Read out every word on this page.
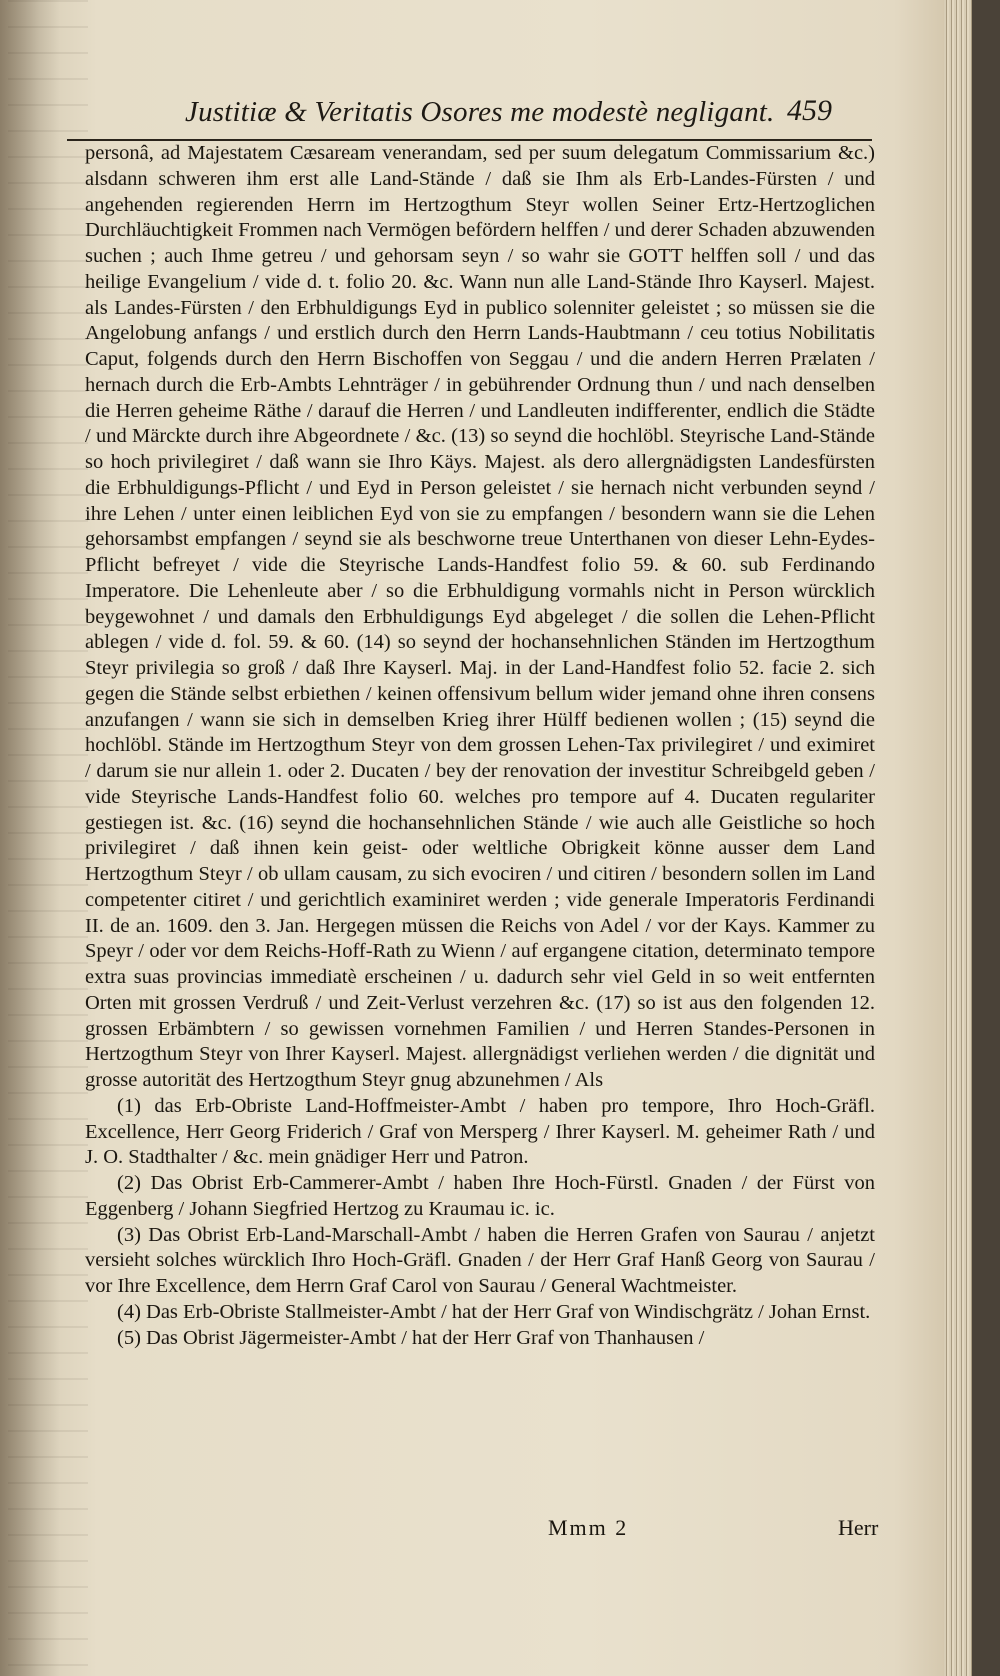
Justitiæ & Veritatis Osores me modestè negligant. 459

personâ, ad Majestatem Cæsaream venerandam, sed per suum delegatum Commissarium &c.) alsdann schweren ihm erst alle Land-Stände / daß sie Ihm als Erb-Landes-Fürsten / und angehenden regierenden Herrn im Hertzogthum Steyr wollen Seiner Ertz-Hertzoglichen Durchläuchtigkeit Frommen nach Vermögen befördern helffen / und derer Schaden abzuwenden suchen ; auch Ihme getreu / und gehorsam seyn / so wahr sie GOTT helffen soll / und das heilige Evangelium / vide d. t. folio 20. &c. Wann nun alle Land-Stände Ihro Kayserl. Majest. als Landes-Fürsten / den Erbhuldigungs Eyd in publico solenniter geleistet ; so müssen sie die Angelobung anfangs / und erstlich durch den Herrn Lands-Haubtmann / ceu totius Nobilitatis Caput, folgends durch den Herrn Bischoffen von Seggau / und die andern Herren Prælaten / hernach durch die Erb-Ambts Lehnträger / in gebührender Ordnung thun / und nach denselben die Herren geheime Räthe / darauf die Herren / und Landleuten indifferenter, endlich die Städte / und Märckte durch ihre Abgeordnete / &c. (13) so seynd die hochlöbl. Steyrische Land-Stände so hoch privilegiret / daß wann sie Ihro Käys. Majest. als dero allergnädigsten Landesfürsten die Erbhuldigungs-Pflicht / und Eyd in Person geleistet / sie hernach nicht verbunden seynd / ihre Lehen / unter einen leiblichen Eyd von sie zu empfangen / besondern wann sie die Lehen gehorsambst empfangen / seynd sie als beschworne treue Unterthanen von dieser Lehn-Eydes-Pflicht befreyet / vide die Steyrische Lands-Handfest folio 59. & 60. sub Ferdinando Imperatore. Die Lehenleute aber / so die Erbhuldigung vormahls nicht in Person würcklich beygewohnet / und damals den Erbhuldigungs Eyd abgeleget / die sollen die Lehen-Pflicht ablegen / vide d. fol. 59. & 60. (14) so seynd der hochansehnlichen Ständen im Hertzogthum Steyr privilegia so groß / daß Ihre Kayserl. Maj. in der Land-Handfest folio 52. facie 2. sich gegen die Stände selbst erbiethen / keinen offensivum bellum wider jemand ohne ihren consens anzufangen / wann sie sich in demselben Krieg ihrer Hülff bedienen wollen ; (15) seynd die hochlöbl. Stände im Hertzogthum Steyr von dem grossen Lehen-Tax privilegiret / und eximiret / darum sie nur allein 1. oder 2. Ducaten / bey der renovation der investitur Schreibgeld geben / vide Steyrische Lands-Handfest folio 60. welches pro tempore auf 4. Ducaten regulariter gestiegen ist. &c. (16) seynd die hochansehnlichen Stände / wie auch alle Geistliche so hoch privilegiret / daß ihnen kein geist- oder weltliche Obrigkeit könne ausser dem Land Hertzogthum Steyr / ob ullam causam, zu sich evociren / und citiren / besondern sollen im Land competenter citiret / und gerichtlich examiniret werden ; vide generale Imperatoris Ferdinandi II. de an. 1609. den 3. Jan. Hergegen müssen die Reichs von Adel / vor der Kays. Kammer zu Speyr / oder vor dem Reichs-Hoff-Rath zu Wienn / auf ergangene citation, determinato tempore extra suas provincias immediatè erscheinen / u. dadurch sehr viel Geld in so weit entfernten Orten mit grossen Verdruß / und Zeit-Verlust verzehren &c. (17) so ist aus den folgenden 12. grossen Erbämbtern / so gewissen vornehmen Familien / und Herren Standes-Personen in Hertzogthum Steyr von Ihrer Kayserl. Majest. allergnädigst verliehen werden / die dignität und grosse autorität des Hertzogthum Steyr gnug abzunehmen / Als

(1) das Erb-Obriste Land-Hoffmeister-Ambt / haben pro tempore, Ihro Hoch-Gräfl. Excellence, Herr Georg Friderich / Graf von Mersperg / Ihrer Kayserl. M. geheimer Rath / und J. O. Stadthalter / &c. mein gnädiger Herr und Patron.

(2) Das Obrist Erb-Cammerer-Ambt / haben Ihre Hoch-Fürstl. Gnaden / der Fürst von Eggenberg / Johann Siegfried Hertzog zu Kraumau ic. ic.

(3) Das Obrist Erb-Land-Marschall-Ambt / haben die Herren Grafen von Saurau / anjetzt versieht solches würcklich Ihro Hoch-Gräfl. Gnaden / der Herr Graf Hanß Georg von Saurau / vor Ihre Excellence, dem Herrn Graf Carol von Saurau / General Wachtmeister.

(4) Das Erb-Obriste Stallmeister-Ambt / hat der Herr Graf von Windischgrätz / Johan Ernst.

(5) Das Obrist Jägermeister-Ambt / hat der Herr Graf von Thanhausen /

Mmm 2	Herr
